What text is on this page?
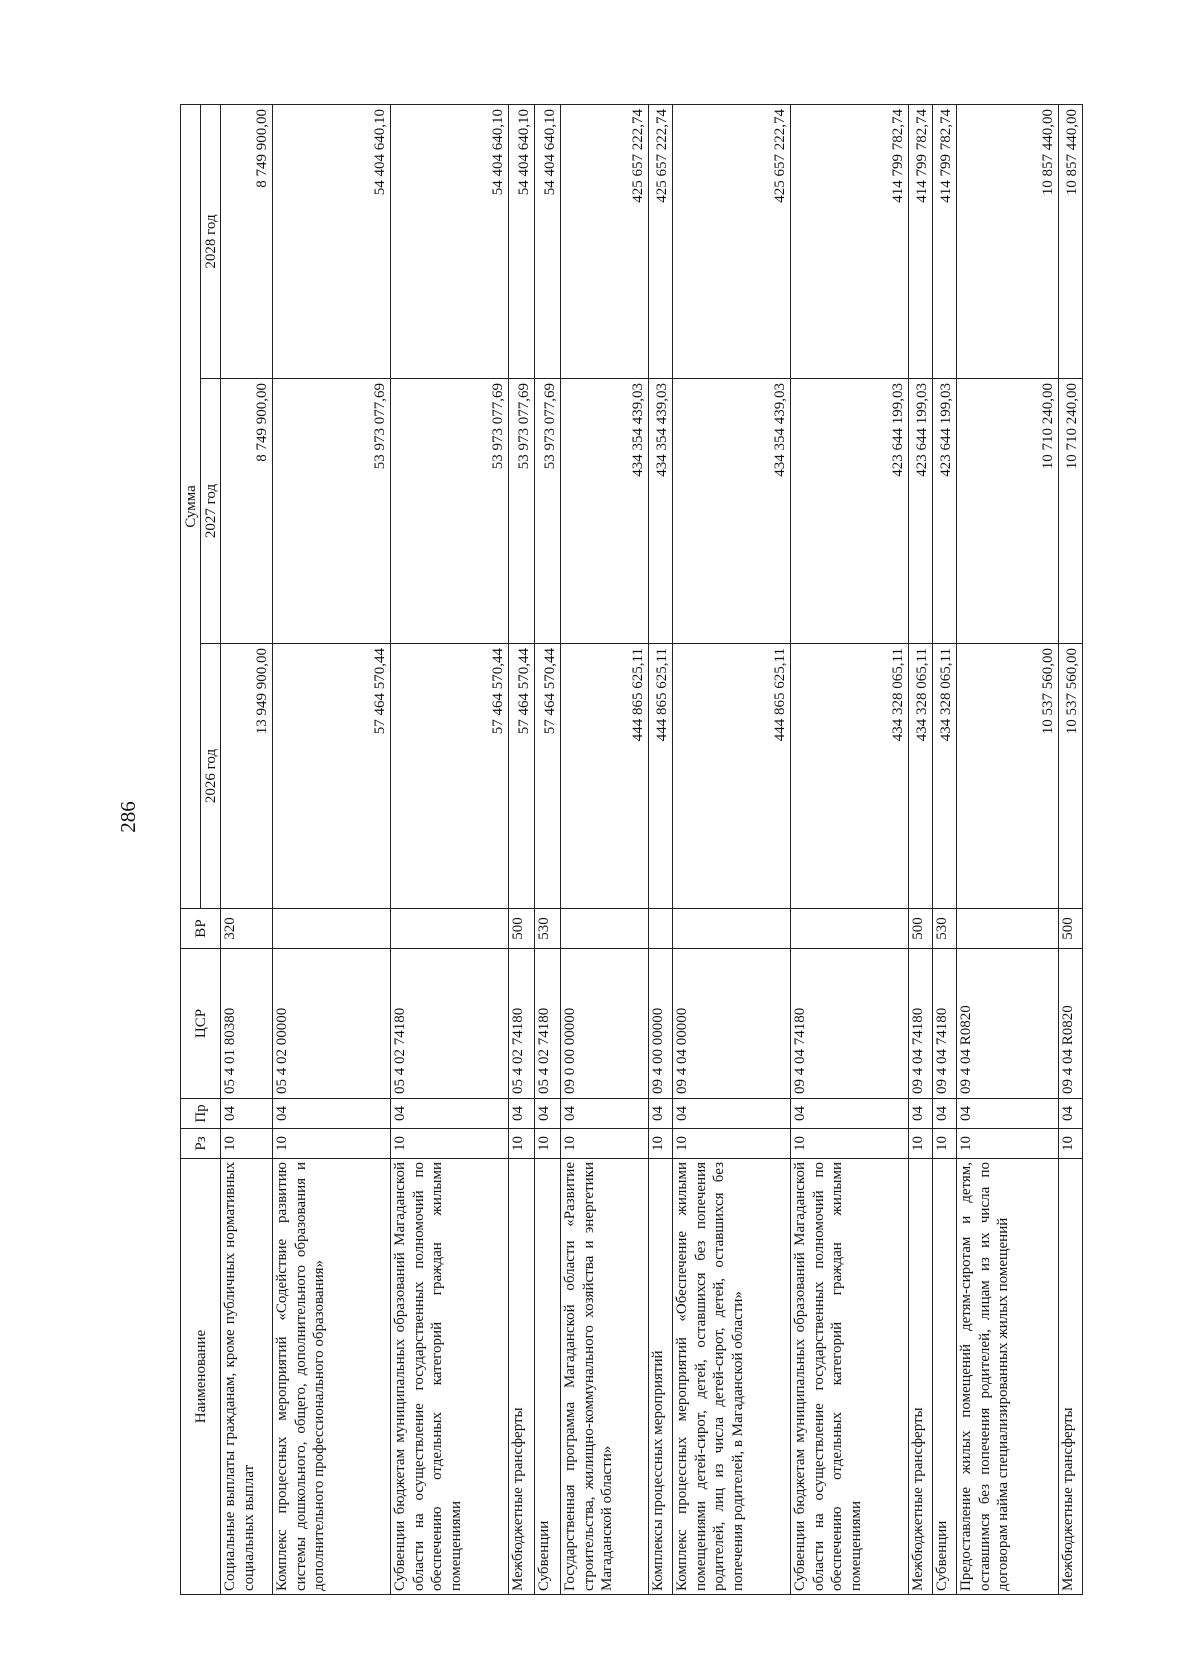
286
Наименование	Рз	Пр	ЦСР	ВР	Сумма		
					2026 год	2027 год	2028 год
Социальные выплаты гражданам, кроме публичных нормативных социальных выплат	10	04	05 4 01 80380	320	13 949 900,00	8 749 900,00	8 749 900,00
Комплекс процессных мероприятий «Содействие развитию системы дошкольного, общего, дополнительного образования и дополнительного профессионального образования»	10	04	05 4 02 00000		57 464 570,44	53 973 077,69	54 404 640,10
Субвенции бюджетам муниципальных образований Магаданской области на осуществление государственных полномочий по обеспечению отдельных категорий граждан жилыми помещениями	10	04	05 4 02 74180		57 464 570,44	53 973 077,69	54 404 640,10
Межбюджетные трансферты	10	04	05 4 02 74180	500	57 464 570,44	53 973 077,69	54 404 640,10
Субвенции	10	04	05 4 02 74180	530	57 464 570,44	53 973 077,69	54 404 640,10
Государственная программа Магаданской области «Развитие строительства, жилищно-коммунального хозяйства и энергетики Магаданской области»	10	04	09 0 00 00000		444 865 625,11	434 354 439,03	425 657 222,74
Комплексы процессных мероприятий	10	04	09 4 00 00000		444 865 625,11	434 354 439,03	425 657 222,74
Комплекс процессных мероприятий «Обеспечение жилыми помещениями детей-сирот, детей, оставшихся без попечения родителей, лиц из числа детей-сирот, детей, оставшихся без попечения родителей, в Магаданской области»	10	04	09 4 04 00000		444 865 625,11	434 354 439,03	425 657 222,74
Субвенции бюджетам муниципальных образований Магаданской области на осуществление государственных полномочий по обеспечению отдельных категорий граждан жилыми помещениями	10	04	09 4 04 74180		434 328 065,11	423 644 199,03	414 799 782,74
Межбюджетные трансферты	10	04	09 4 04 74180	500	434 328 065,11	423 644 199,03	414 799 782,74
Субвенции	10	04	09 4 04 74180	530	434 328 065,11	423 644 199,03	414 799 782,74
Предоставление жилых помещений детям-сиротам и детям, оставшимся без попечения родителей, лицам из их числа по договорам найма специализированных жилых помещений	10	04	09 4 04 R0820		10 537 560,00	10 710 240,00	10 857 440,00
Межбюджетные трансферты	10	04	09 4 04 R0820	500	10 537 560,00	10 710 240,00	10 857 440,00
